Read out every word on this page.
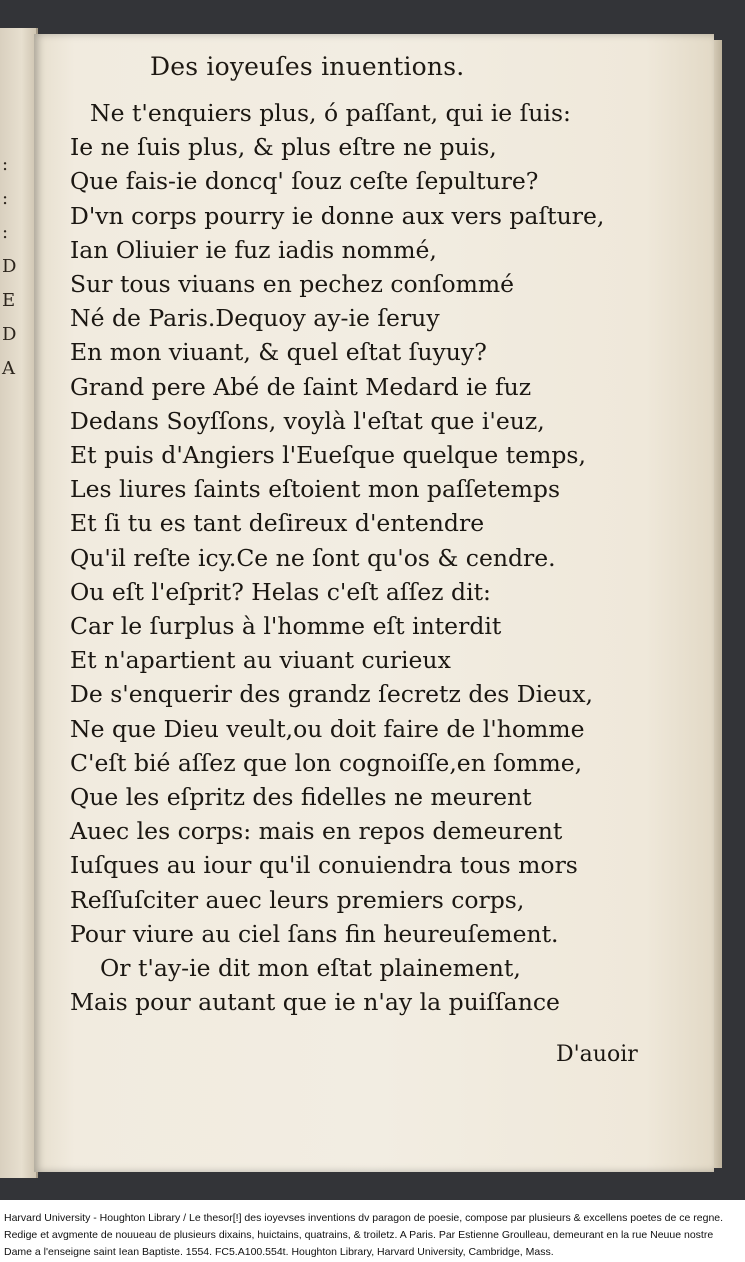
:
:
:
D
E
D
A
Des ioyeuſes inuentions.
Ne t'enquiers plus, ó paſſant, qui ie ſuis:
Ie ne ſuis plus, & plus eſtre ne puis,
Que fais-ie doncq' ſouz ceſte ſepulture?
D'vn corps pourry ie donne aux vers paſture,
Ian Oliuier ie fuz iadis nommé,
Sur tous viuans en pechez conſommé
Né de Paris.Dequoy ay-ie ſeruy
En mon viuant, & quel eſtat ſuyuy?
Grand pere Abé de ſaint Medard ie fuz
Dedans Soyſſons, voylà l'eſtat que i'euz,
Et puis d'Angiers l'Eueſque quelque temps,
Les liures ſaints eſtoient mon paſſetemps
Et ſi tu es tant deſireux d'entendre
Qu'il reſte icy.Ce ne ſont qu'os & cendre.
Ou eſt l'eſprit? Helas c'eſt aſſez dit:
Car le ſurplus à l'homme eſt interdit
Et n'apartient au viuant curieux
De s'enquerir des grandz ſecretz des Dieux,
Ne que Dieu veult,ou doit faire de l'homme
C'eſt bié aſſez que lon cognoiſſe,en ſomme,
Que les eſpritz des fidelles ne meurent
Auec les corps: mais en repos demeurent
Iuſques au iour qu'il conuiendra tous mors
Reſſuſciter auec leurs premiers corps,
Pour viure au ciel ſans fin heureuſement.
Or t'ay-ie dit mon eſtat plainement,
Mais pour autant que ie n'ay la puiſſance
D'auoir
Harvard University - Houghton Library / Le thesor[!] des ioyevses inventions dv paragon de poesie, compose par plusieurs & excellens poetes de ce regne. Redige et avgmente de nouueau de plusieurs dixains, huictains, quatrains, & troiletz. A Paris. Par Estienne Groulleau, demeurant en la rue Neuue nostre Dame a l'enseigne saint Iean Baptiste. 1554. FC5.A100.554t. Houghton Library, Harvard University, Cambridge, Mass.
